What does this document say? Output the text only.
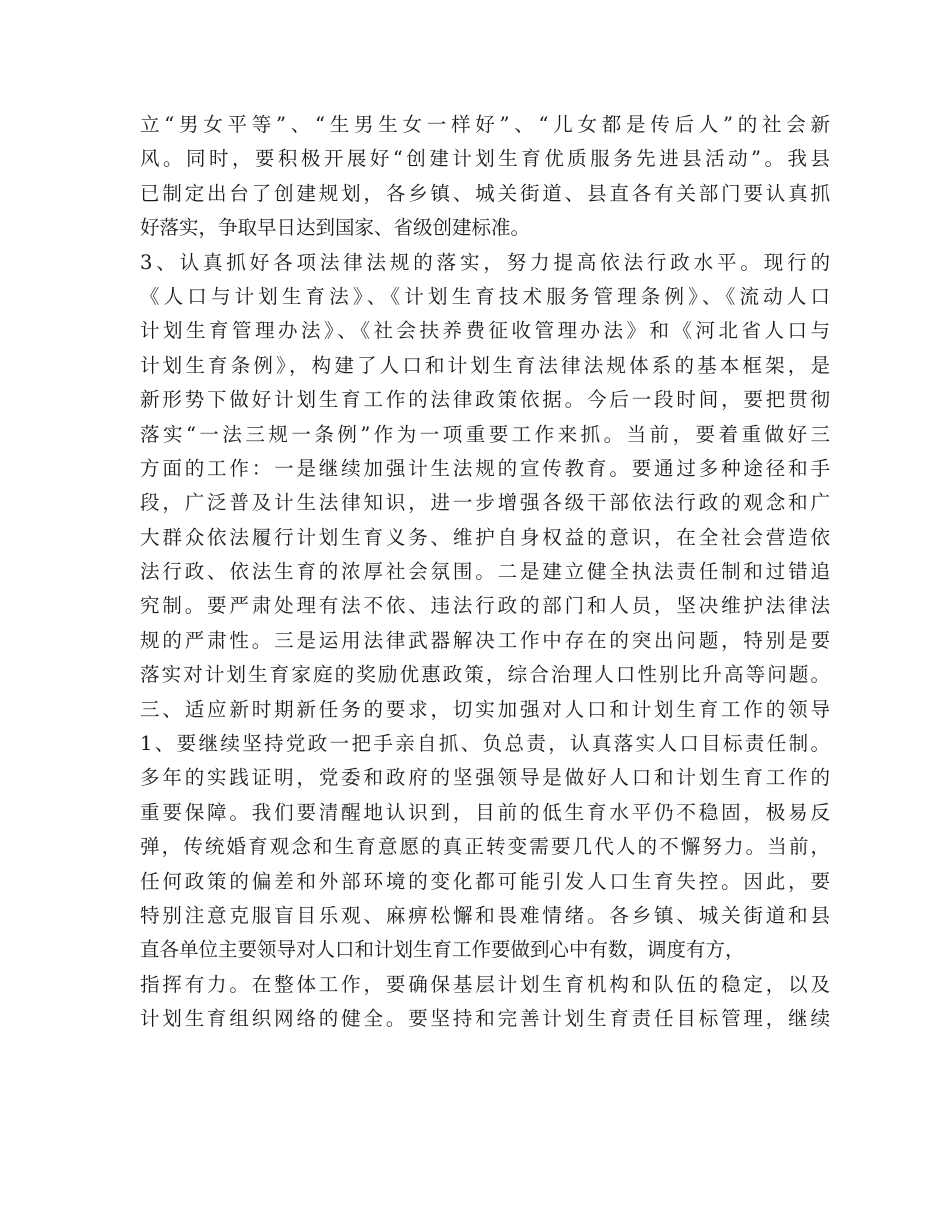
立“男女平等”、“生男生女一样好”、“儿女都是传后人”的社会新
风。同时，要积极开展好“创建计划生育优质服务先进县活动”。我县
已制定出台了创建规划，各乡镇、城关街道、县直各有关部门要认真抓
好落实，争取早日达到国家、省级创建标准。
3、认真抓好各项法律法规的落实，努力提高依法行政水平。现行的
《人口与计划生育法》、《计划生育技术服务管理条例》、《流动人口
计划生育管理办法》、《社会扶养费征收管理办法》和《河北省人口与
计划生育条例》，构建了人口和计划生育法律法规体系的基本框架，是
新形势下做好计划生育工作的法律政策依据。今后一段时间，要把贯彻
落实“一法三规一条例”作为一项重要工作来抓。当前，要着重做好三
方面的工作：一是继续加强计生法规的宣传教育。要通过多种途径和手
段，广泛普及计生法律知识，进一步增强各级干部依法行政的观念和广
大群众依法履行计划生育义务、维护自身权益的意识，在全社会营造依
法行政、依法生育的浓厚社会氛围。二是建立健全执法责任制和过错追
究制。要严肃处理有法不依、违法行政的部门和人员，坚决维护法律法
规的严肃性。三是运用法律武器解决工作中存在的突出问题，特别是要
落实对计划生育家庭的奖励优惠政策，综合治理人口性别比升高等问题。
三、适应新时期新任务的要求，切实加强对人口和计划生育工作的领导
1、要继续坚持党政一把手亲自抓、负总责，认真落实人口目标责任制。
多年的实践证明，党委和政府的坚强领导是做好人口和计划生育工作的
重要保障。我们要清醒地认识到，目前的低生育水平仍不稳固，极易反
弹，传统婚育观念和生育意愿的真正转变需要几代人的不懈努力。当前，
任何政策的偏差和外部环境的变化都可能引发人口生育失控。因此，要
特别注意克服盲目乐观、麻痹松懈和畏难情绪。各乡镇、城关街道和县
直各单位主要领导对人口和计划生育工作要做到心中有数，调度有方，
指挥有力。在整体工作，要确保基层计划生育机构和队伍的稳定，以及
计划生育组织网络的健全。要坚持和完善计划生育责任目标管理，继续
